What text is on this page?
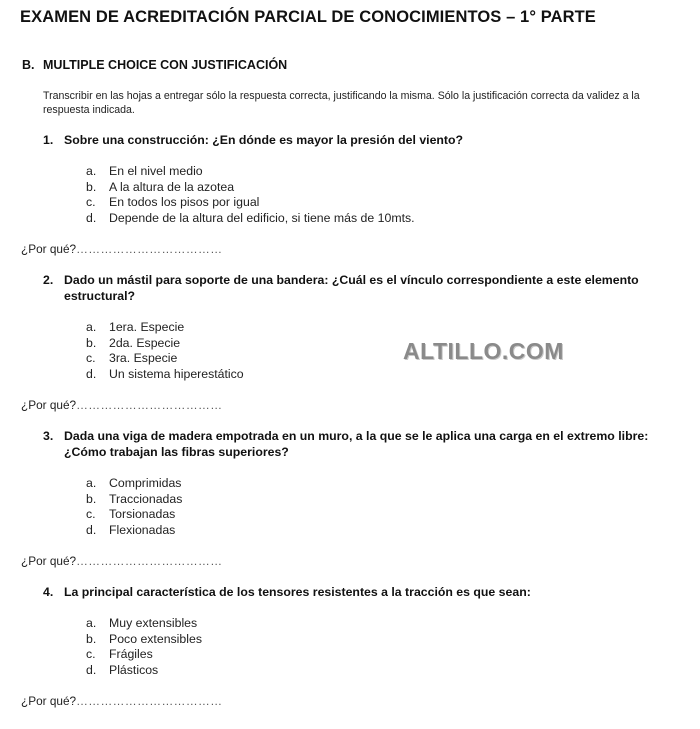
EXAMEN DE ACREDITACIÓN PARCIAL DE CONOCIMIENTOS – 1° PARTE
B. MULTIPLE CHOICE CON JUSTIFICACIÓN
Transcribir en las hojas a entregar sólo la respuesta correcta, justificando la misma. Sólo la justificación correcta da validez a la respuesta indicada.
1. Sobre una construcción: ¿En dónde es mayor la presión del viento?
a. En el nivel medio
b. A la altura de la azotea
c. En todos los pisos por igual
d. Depende de la altura del edificio, si tiene más de 10mts.
¿Por qué?………………………………
2. Dado un mástil para soporte de una bandera: ¿Cuál es el vínculo correspondiente a este elemento estructural?
a. 1era. Especie
b. 2da. Especie
c. 3ra. Especie
d. Un sistema hiperestático
¿Por qué?………………………………
ALTILLO.COM
3. Dada una viga de madera empotrada en un muro, a la que se le aplica una carga en el extremo libre: ¿Cómo trabajan las fibras superiores?
a. Comprimidas
b. Traccionadas
c. Torsionadas
d. Flexionadas
¿Por qué?………………………………
4. La principal característica de los tensores resistentes a la tracción es que sean:
a. Muy extensibles
b. Poco extensibles
c. Frágiles
d. Plásticos
¿Por qué?………………………………
